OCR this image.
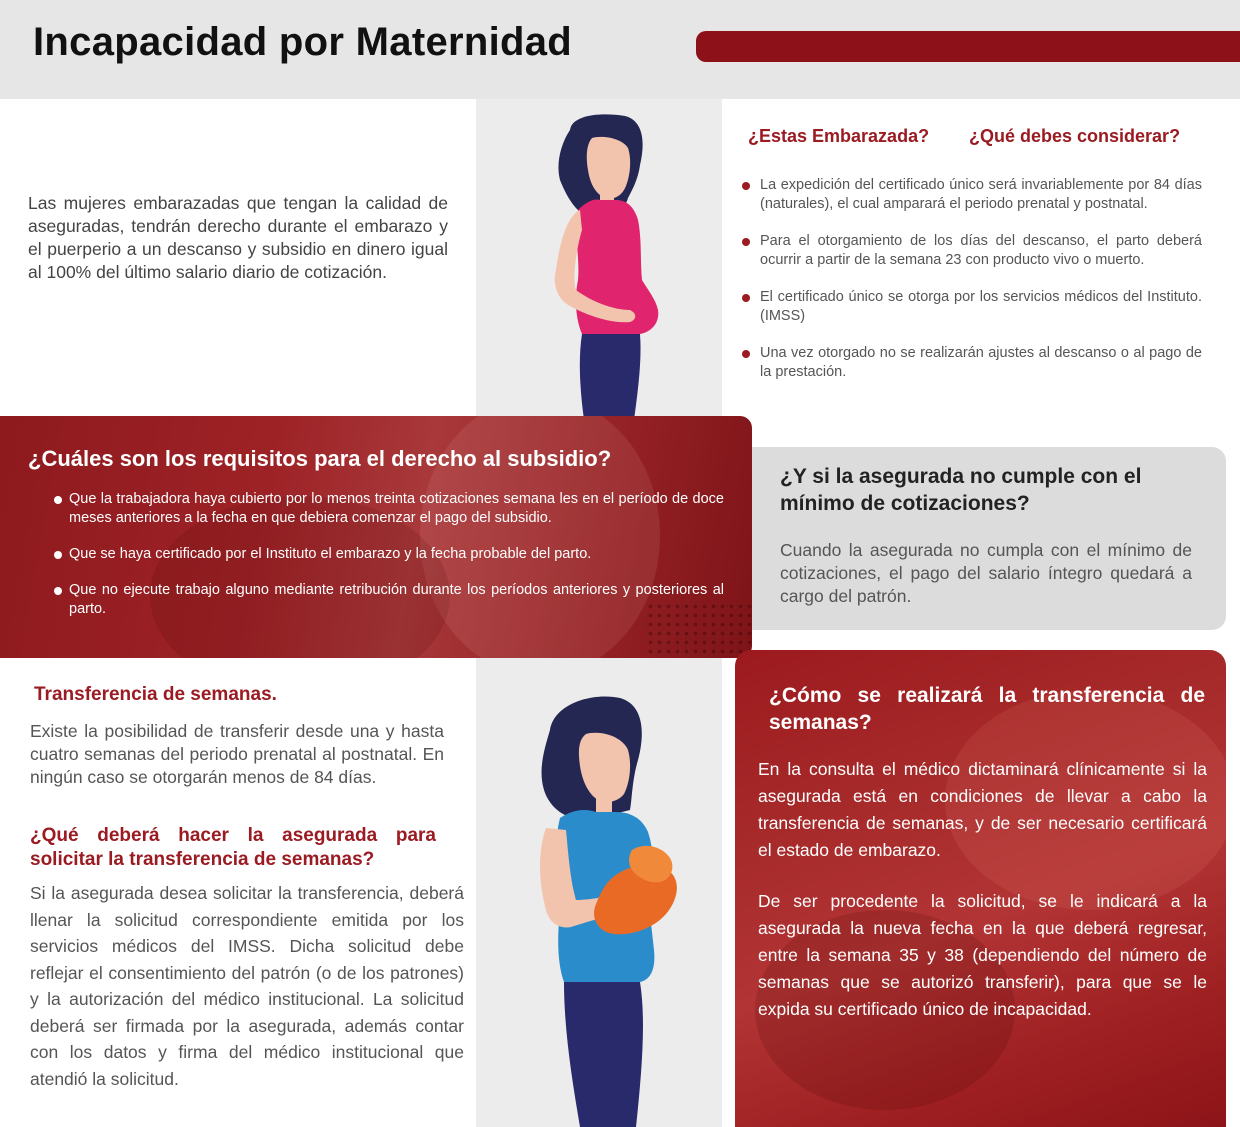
Incapacidad por Maternidad

Las mujeres embarazadas que tengan la calidad de aseguradas, tendrán derecho durante el embarazo y el puerperio a un descanso y subsidio en dinero igual al 100% del último salario diario de cotización.

¿Estas Embarazada? ¿Qué debes considerar?
La expedición del certificado único será invariablemente por 84 días (naturales), el cual amparará el periodo prenatal y postnatal.
Para el otorgamiento de los días del descanso, el parto deberá ocurrir a partir de la semana 23 con producto vivo o muerto.
El certificado único se otorga por los servicios médicos del Instituto. (IMSS)
Una vez otorgado no se realizarán ajustes al descanso o al pago de la prestación.
¿Cuáles son los requisitos para el derecho al subsidio?
Que la trabajadora haya cubierto por lo menos treinta cotizaciones semana les en el período de doce meses anteriores a la fecha en que debiera comenzar el pago del subsidio.
Que se haya certificado por el Instituto el embarazo y la fecha probable del parto.
Que no ejecute trabajo alguno mediante retribución durante los períodos anteriores y posteriores al parto.
¿Y si la asegurada no cumple con el mínimo de cotizaciones?

Cuando la asegurada no cumpla con el mínimo de cotizaciones, el pago del salario íntegro quedará a cargo del patrón.

Transferencia de semanas.

Existe la posibilidad de transferir desde una y hasta cuatro semanas del periodo prenatal al postnatal. En ningún caso se otorgarán menos de 84 días.

¿Qué deberá hacer la asegurada para solicitar la transferencia de semanas?

Si la asegurada desea solicitar la transferencia, deberá llenar la solicitud correspondiente emitida por los servicios médicos del IMSS. Dicha solicitud debe reflejar el consentimiento del patrón (o de los patrones) y la autorización del médico institucional. La solicitud deberá ser firmada por la asegurada, además contar con los datos y firma del médico institucional que atendió la solicitud.

¿Cómo se realizará la transferencia de semanas?

En la consulta el médico dictaminará clínicamente si la asegurada está en condiciones de llevar a cabo la transferencia de semanas, y de ser necesario certificará el estado de embarazo.

De ser procedente la solicitud, se le indicará a la asegurada la nueva fecha en la que deberá regresar, entre la semana 35 y 38 (dependiendo del número de semanas que se autorizó transferir), para que se le expida su certificado único de incapacidad.
